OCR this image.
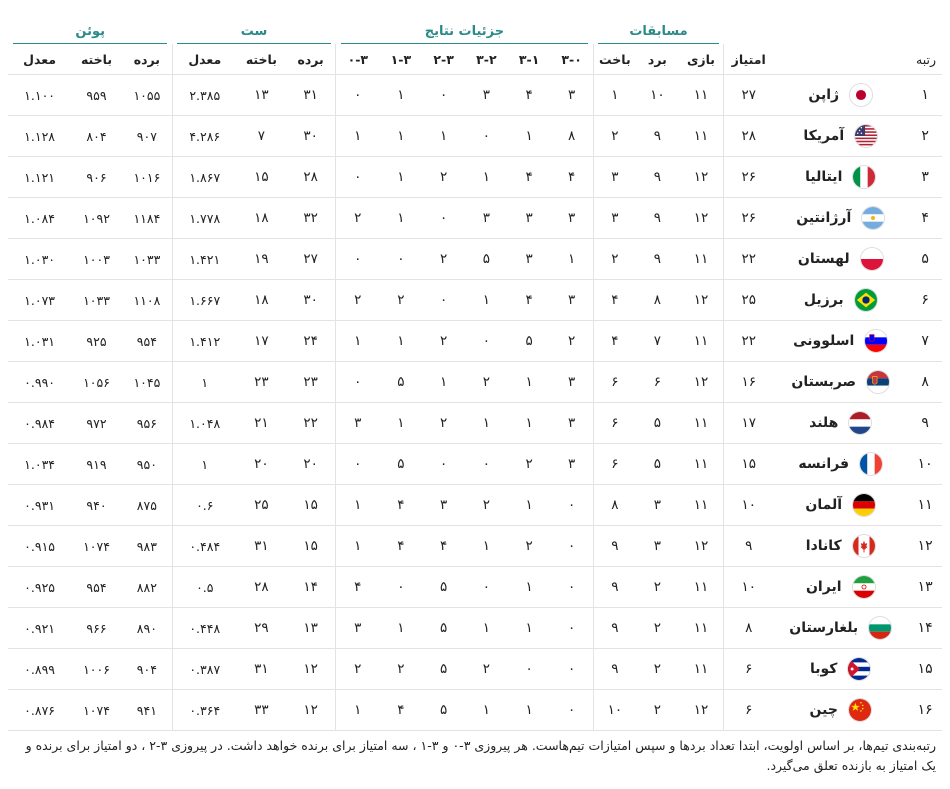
			مسابقات			جزئیات نتایج						ست			پوئن		

رتبه		امتیاز	بازی	برد	باخت	۳-۰	۳-۱	۳-۲	۲-۳	۱-۳	۰-۳	برده	باخته	معدل	برده	باخته	معدل
۱	ژاپن	۲۷	۱۱	۱۰	۱	۳	۴	۳	۰	۱	۰	۳۱	۱۳	۲.۳۸۵	۱۰۵۵	۹۵۹	۱.۱۰۰
۲	آمریکا	۲۸	۱۱	۹	۲	۸	۱	۰	۱	۱	۱	۳۰	۷	۴.۲۸۶	۹۰۷	۸۰۴	۱.۱۲۸
۳	ایتالیا	۲۶	۱۲	۹	۳	۴	۴	۱	۲	۱	۰	۲۸	۱۵	۱.۸۶۷	۱۰۱۶	۹۰۶	۱.۱۲۱
۴	آرژانتین	۲۶	۱۲	۹	۳	۳	۳	۳	۰	۱	۲	۳۲	۱۸	۱.۷۷۸	۱۱۸۴	۱۰۹۲	۱.۰۸۴
۵	لهستان	۲۲	۱۱	۹	۲	۱	۳	۵	۲	۰	۰	۲۷	۱۹	۱.۴۲۱	۱۰۳۳	۱۰۰۳	۱.۰۳۰
۶	برزیل	۲۵	۱۲	۸	۴	۳	۴	۱	۰	۲	۲	۳۰	۱۸	۱.۶۶۷	۱۱۰۸	۱۰۳۳	۱.۰۷۳
۷	اسلوونی	۲۲	۱۱	۷	۴	۲	۵	۰	۲	۱	۱	۲۴	۱۷	۱.۴۱۲	۹۵۴	۹۲۵	۱.۰۳۱
۸	صربستان	۱۶	۱۲	۶	۶	۳	۱	۲	۱	۵	۰	۲۳	۲۳	۱	۱۰۴۵	۱۰۵۶	۰.۹۹۰
۹	هلند	۱۷	۱۱	۵	۶	۳	۱	۱	۲	۱	۳	۲۲	۲۱	۱.۰۴۸	۹۵۶	۹۷۲	۰.۹۸۴
۱۰	فرانسه	۱۵	۱۱	۵	۶	۳	۲	۰	۰	۵	۰	۲۰	۲۰	۱	۹۵۰	۹۱۹	۱.۰۳۴
۱۱	آلمان	۱۰	۱۱	۳	۸	۰	۱	۲	۳	۴	۱	۱۵	۲۵	۰.۶	۸۷۵	۹۴۰	۰.۹۳۱
۱۲	کانادا	۹	۱۲	۳	۹	۰	۲	۱	۴	۴	۱	۱۵	۳۱	۰.۴۸۴	۹۸۳	۱۰۷۴	۰.۹۱۵
۱۳	ایران	۱۰	۱۱	۲	۹	۰	۱	۰	۵	۰	۴	۱۴	۲۸	۰.۵	۸۸۲	۹۵۴	۰.۹۲۵
۱۴	بلغارستان	۸	۱۱	۲	۹	۰	۱	۱	۵	۱	۳	۱۳	۲۹	۰.۴۴۸	۸۹۰	۹۶۶	۰.۹۲۱
۱۵	کوبا	۶	۱۱	۲	۹	۰	۰	۲	۵	۲	۲	۱۲	۳۱	۰.۳۸۷	۹۰۴	۱۰۰۶	۰.۸۹۹
۱۶	چین	۶	۱۲	۲	۱۰	۰	۱	۱	۵	۴	۱	۱۲	۳۳	۰.۳۶۴	۹۴۱	۱۰۷۴	۰.۸۷۶
رتبه‌بندی تیم‌ها، بر اساس اولویت، ابتدا تعداد بردها و سپس امتیازات تیم‌هاست. هر پیروزی ۳-۰ و ۳-۱ ، سه امتیاز برای برنده خواهد داشت. در پیروزی ۳-۲ ، دو امتیاز برای برنده و یک امتیاز به بازنده تعلق می‌گیرد.
